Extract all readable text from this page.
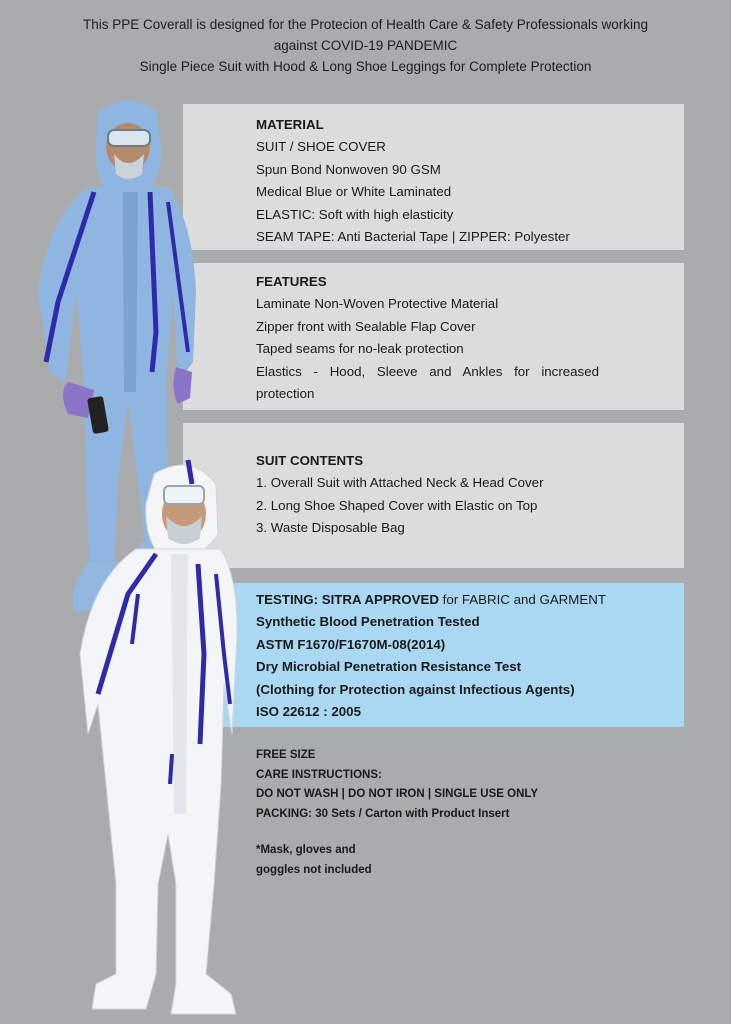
This PPE Coverall is designed for the Protecion of Health Care & Safety Professionals working
against COVID-19 PANDEMIC
Single Piece Suit with Hood & Long Shoe Leggings for Complete Protection
MATERIAL
SUIT / SHOE COVER
Spun Bond Nonwoven 90 GSM
Medical Blue or White Laminated
ELASTIC: Soft with high elasticity
SEAM TAPE: Anti Bacterial Tape | ZIPPER: Polyester
FEATURES
Laminate Non-Woven Protective Material
Zipper front with Sealable Flap Cover
Taped seams for no-leak protection
Elastics - Hood, Sleeve and Ankles for increased protection
SUIT CONTENTS
1. Overall Suit with Attached Neck & Head Cover
2. Long Shoe Shaped Cover with Elastic on Top
3. Waste Disposable Bag
TESTING: SITRA APPROVED for FABRIC and GARMENT
Synthetic Blood Penetration Tested
ASTM F1670/F1670M-08(2014)
Dry Microbial Penetration Resistance Test
(Clothing for Protection against Infectious Agents)
ISO 22612 : 2005
FREE SIZE
CARE INSTRUCTIONS:
DO NOT WASH | DO NOT IRON | SINGLE USE ONLY
PACKING: 30 Sets / Carton with Product Insert
*Mask, gloves and
goggles not included
